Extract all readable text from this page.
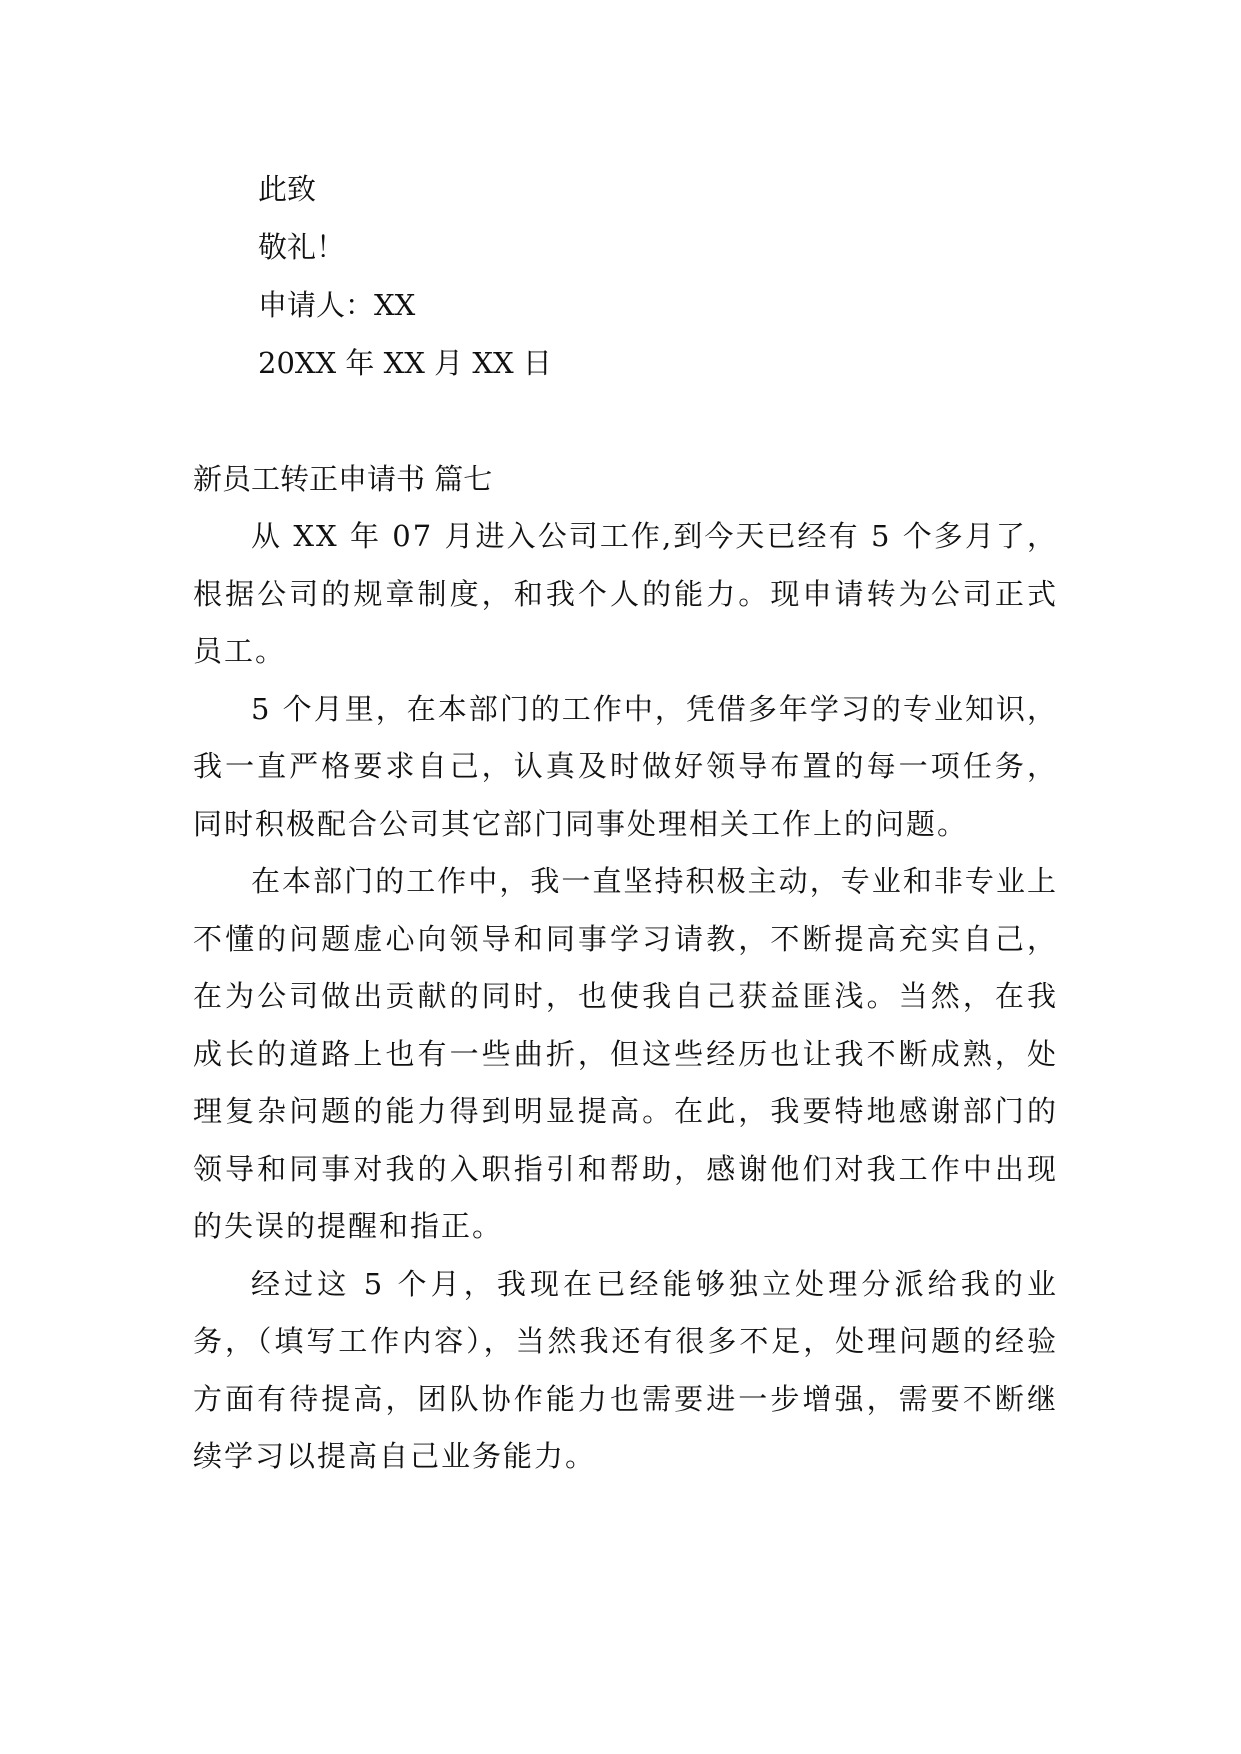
此致
敬礼！
申请人：XX
20XX 年 XX 月 XX 日
新员工转正申请书 篇七

从 XX 年 07 月进入公司工作,到今天已经有 5 个多月了，根据公司的规章制度，和我个人的能力。现申请转为公司正式员工。

5 个月里，在本部门的工作中，凭借多年学习的专业知识，我一直严格要求自己，认真及时做好领导布置的每一项任务，同时积极配合公司其它部门同事处理相关工作上的问题。

在本部门的工作中，我一直坚持积极主动，专业和非专业上不懂的问题虚心向领导和同事学习请教，不断提高充实自己，在为公司做出贡献的同时，也使我自己获益匪浅。当然，在我成长的道路上也有一些曲折，但这些经历也让我不断成熟，处理复杂问题的能力得到明显提高。在此，我要特地感谢部门的领导和同事对我的入职指引和帮助，感谢他们对我工作中出现的失误的提醒和指正。

经过这 5 个月，我现在已经能够独立处理分派给我的业务，（填写工作内容），当然我还有很多不足，处理问题的经验方面有待提高，团队协作能力也需要进一步增强，需要不断继续学习以提高自己业务能力。
